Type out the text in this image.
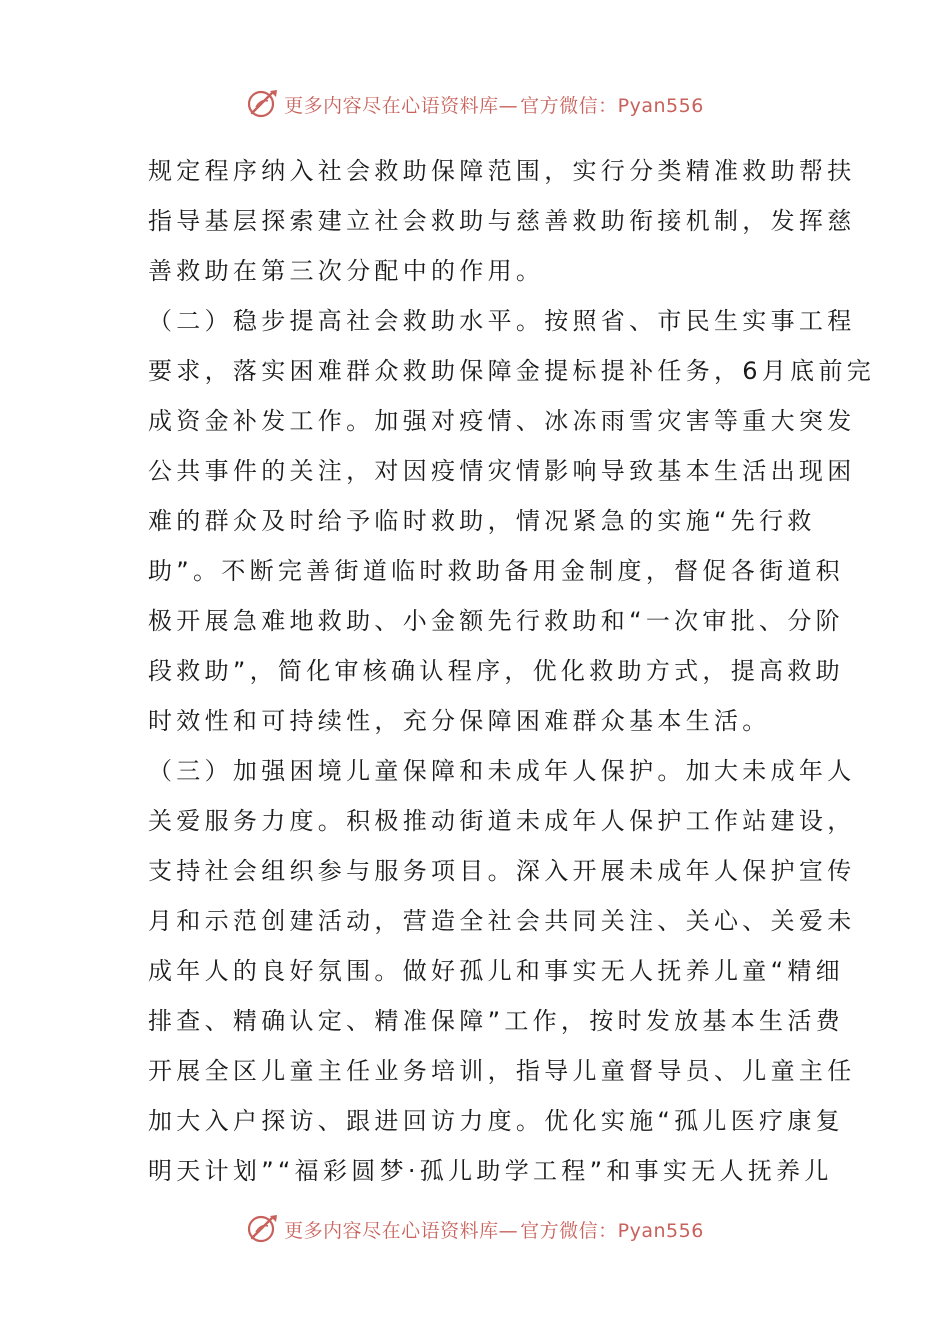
更多内容尽在心语资料库 — 官方微信：Pyan556
规定程序纳入社会救助保障范围，实行分类精准救助帮扶
指导基层探索建立社会救助与慈善救助衔接机制，发挥慈
善救助在第三次分配中的作用。
（二）稳步提高社会救助水平。按照省、市民生实事工程
要求，落实困难群众救助保障金提标提补任务，6月底前完
成资金补发工作。加强对疫情、冰冻雨雪灾害等重大突发
公共事件的关注，对因疫情灾情影响导致基本生活出现困
难的群众及时给予临时救助，情况紧急的实施“先行救
助”。不断完善街道临时救助备用金制度，督促各街道积
极开展急难地救助、小金额先行救助和“一次审批、分阶
段救助”，简化审核确认程序，优化救助方式，提高救助
时效性和可持续性，充分保障困难群众基本生活。
（三）加强困境儿童保障和未成年人保护。加大未成年人
关爱服务力度。积极推动街道未成年人保护工作站建设，
支持社会组织参与服务项目。深入开展未成年人保护宣传
月和示范创建活动，营造全社会共同关注、关心、关爱未
成年人的良好氛围。做好孤儿和事实无人抚养儿童“精细
排查、精确认定、精准保障”工作，按时发放基本生活费
开展全区儿童主任业务培训，指导儿童督导员、儿童主任
加大入户探访、跟进回访力度。优化实施“孤儿医疗康复
明天计划”“福彩圆梦·孤儿助学工程”和事实无人抚养儿
更多内容尽在心语资料库 — 官方微信：Pyan556
